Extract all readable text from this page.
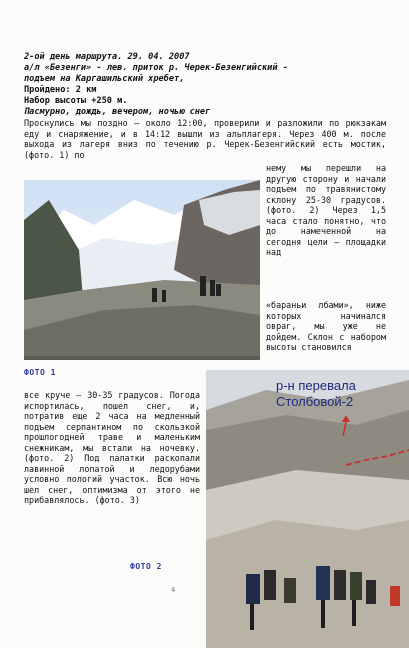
2-ой день маршрута. 29. 04. 2007
а/л «Безенги» - лев. приток р. Черек-Безенгийский -
подъем на Каргашильский хребет,
Пройдено: 2 км
Набор высоты +250 м.
Пасмурно, дождь, вечером, ночью снег
Проснулись мы поздно – около 12:00, проверили и разложили по рюкзакам еду и снаряжение, и в 14:12 вышли из альплагеря. Через 400 м. после выхода из лагеря вниз по течению р. Черек-Безенгийский есть мостик, (фото. 1) по
нему мы перешли на другую сторону и начали подъем по травянистому склону 25-30 градусов. (фото. 2) Через 1,5 часа стало понятно, что до намеченной на сегодня цели – площадки над
«бараньи лбами», ниже которых начинался овраг, мы уже не дойдем. Склон с набором высоты становился
ФОТО 1
все круче – 30-35 градусов. Погода испортилась, пошел снег, и, потратив еще 2 часа на медленный подъем серпантином по скользкой прошлогодней траве и маленьким снежникам, мы встали на ночевку. (фото. 2) Под палатки раскопали лавинной лопатой и ледорубами условно пологий участок. Всю ночь шел снег, оптимизма от этого не прибавлялось. (фото. 3)
р-н перевала
Столбовой-2
ФОТО 2
4
